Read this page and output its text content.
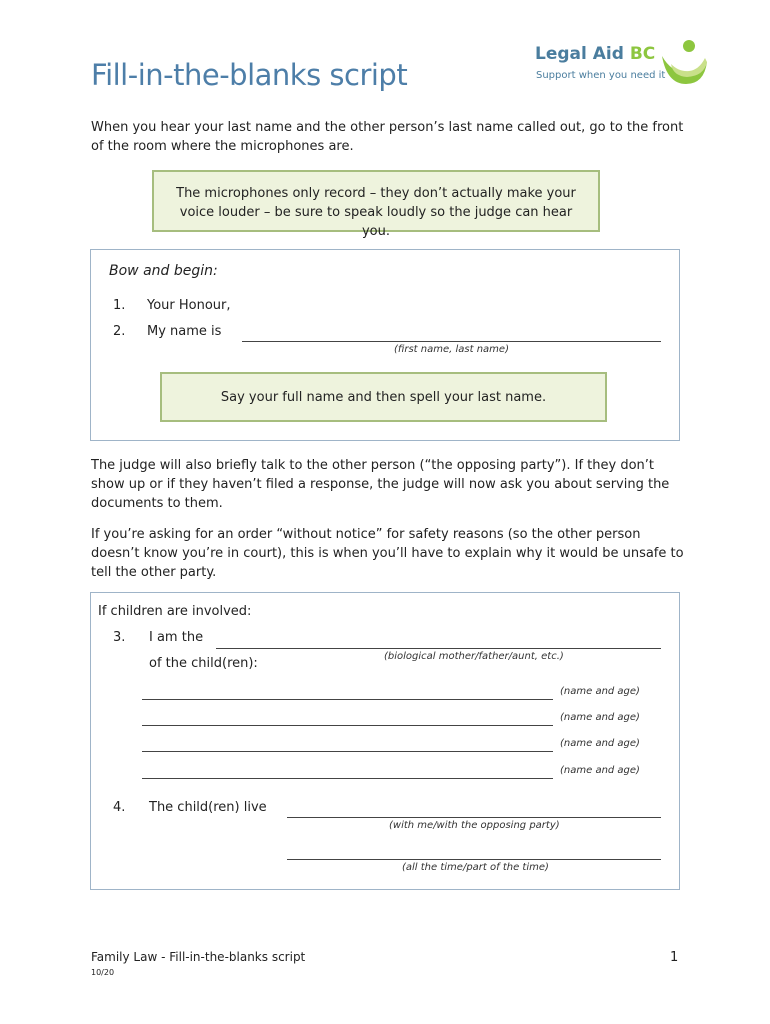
Fill-in-the-blanks script
Legal Aid BC
Support when you need it
When you hear your last name and the other person’s last name called out, go to the front of the room where the microphones are.
The microphones only record – they don’t actually make your voice louder – be sure to speak loudly so the judge can hear you.
Bow and begin:
1. Your Honour,
2. My name is
(first name, last name)
Say your full name and then spell your last name.
The judge will also briefly talk to the other person (“the opposing party”). If they don’t show up or if they haven’t filed a response, the judge will now ask you about serving the documents to them.
If you’re asking for an order “without notice” for safety reasons (so the other person doesn’t know you’re in court), this is when you’ll have to explain why it would be unsafe to tell the other party.
If children are involved:
3. I am the
(biological mother/father/aunt, etc.)
of the child(ren):
(name and age)
(name and age)
(name and age)
(name and age)
4. The child(ren) live
(with me/with the opposing party)
(all the time/part of the time)
Family Law - Fill-in-the-blanks script
10/20
1
